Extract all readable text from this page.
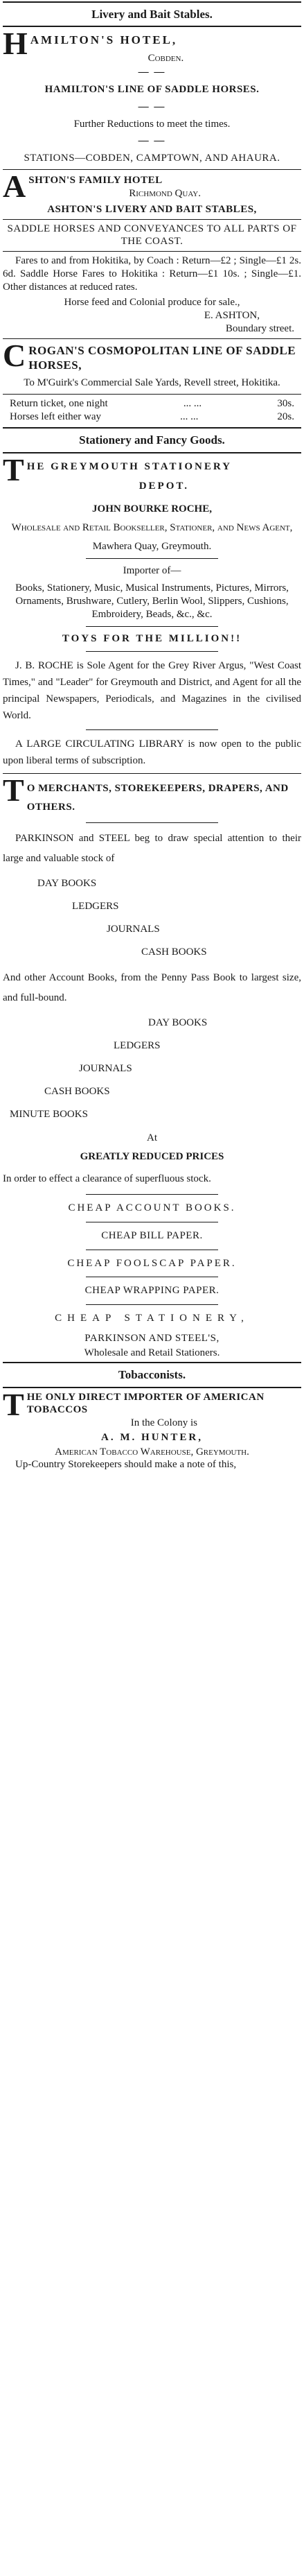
Livery and Bait Stables.
H AMILTON'S HOTEL,
Cobden.
— —
HAMILTON'S LINE OF SADDLE HORSES.
— —
Further Reductions to meet the times.
— —
STATIONS—COBDEN, CAMPTOWN, AND AHAURA.
A SHTON'S FAMILY HOTEL
Richmond Quay.
ASHTON'S LIVERY AND BAIT STABLES,
SADDLE HORSES AND CONVEYANCES TO ALL PARTS OF THE COAST.
Fares to and from Hokitika, by Coach : Return—£2 ; Single—£1 2s. 6d. Saddle Horse Fares to Hokitika : Return—£1 10s. ; Single—£1. Other distances at reduced rates.
Horse feed and Colonial produce for sale.,
E. ASHTON,
Boundary street.
C ROGAN'S COSMOPOLITAN LINE OF SADDLE HORSES,
To M'Guirk's Commercial Sale Yards, Revell street, Hokitika.
Return ticket, one night	... ...	30s.
Horses left either way	... ...	20s.
Stationery and Fancy Goods.
T HE GREYMOUTH STATIONERY
DEPOT.
JOHN BOURKE ROCHE,
Wholesale and Retail Bookseller, Stationer, and News Agent,
Mawhera Quay, Greymouth.
Importer of—
Books, Stationery, Music, Musical Instruments, Pictures, Mirrors, Ornaments, Brushware, Cutlery, Berlin Wool, Slippers, Cushions, Embroidery, Beads, &c., &c.
TOYS FOR THE MILLION!!
J. B. ROCHE is Sole Agent for the Grey River Argus, "West Coast Times," and "Leader" for Greymouth and District, and Agent for all the principal Newspapers, Periodicals, and Magazines in the civilised World.
A LARGE CIRCULATING LIBRARY is now open to the public upon liberal terms of subscription.
T O MERCHANTS, STOREKEEPERS, DRAPERS, AND OTHERS.
PARKINSON and STEEL beg to draw special attention to their large and valuable stock of
DAY BOOKS
LEDGERS
JOURNALS
CASH BOOKS
And other Account Books, from the Penny Pass Book to largest size, and full-bound.
DAY BOOKS
LEDGERS
JOURNALS
CASH BOOKS
MINUTE BOOKS
At
GREATLY REDUCED PRICES
In order to effect a clearance of superfluous stock.
CHEAP ACCOUNT BOOKS.
CHEAP BILL PAPER.
CHEAP FOOLSCAP PAPER.
CHEAP WRAPPING PAPER.
CHEAP STATIONERY,
PARKINSON AND STEEL'S,
Wholesale and Retail Stationers.
Tobacconists.
T HE ONLY DIRECT IMPORTER OF AMERICAN TOBACCOS
In the Colony is
A. M. HUNTER,
American Tobacco Warehouse, Greymouth.
Up-Country Storekeepers should make a note of this,
